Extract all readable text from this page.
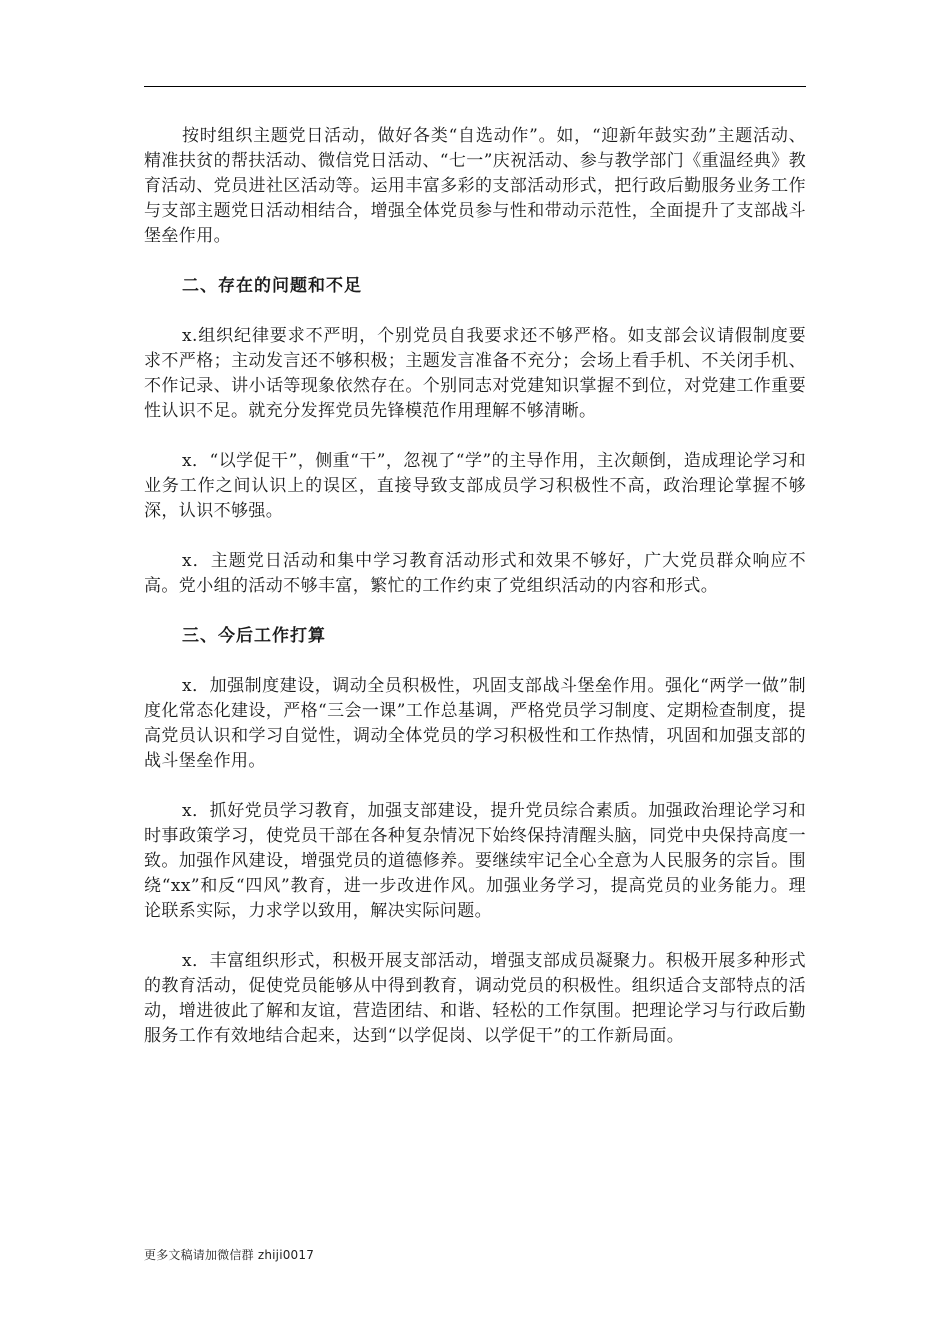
按时组织主题党日活动，做好各类“自选动作”。如，“迎新年鼓实劲”主题活动、精准扶贫的帮扶活动、微信党日活动、“七一”庆祝活动、参与教学部门《重温经典》教育活动、党员进社区活动等。运用丰富多彩的支部活动形式，把行政后勤服务业务工作与支部主题党日活动相结合，增强全体党员参与性和带动示范性，全面提升了支部战斗堡垒作用。

二、存在的问题和不足

x.组织纪律要求不严明，个别党员自我要求还不够严格。如支部会议请假制度要求不严格；主动发言还不够积极；主题发言准备不充分；会场上看手机、不关闭手机、不作记录、讲小话等现象依然存在。个别同志对党建知识掌握不到位，对党建工作重要性认识不足。就充分发挥党员先锋模范作用理解不够清晰。

x．“以学促干”，侧重“干”，忽视了“学”的主导作用，主次颠倒，造成理论学习和业务工作之间认识上的误区，直接导致支部成员学习积极性不高，政治理论掌握不够深，认识不够强。

x．主题党日活动和集中学习教育活动形式和效果不够好，广大党员群众响应不高。党小组的活动不够丰富，繁忙的工作约束了党组织活动的内容和形式。

三、今后工作打算

x．加强制度建设，调动全员积极性，巩固支部战斗堡垒作用。强化“两学一做”制度化常态化建设，严格“三会一课”工作总基调，严格党员学习制度、定期检查制度，提高党员认识和学习自觉性，调动全体党员的学习积极性和工作热情，巩固和加强支部的战斗堡垒作用。

x．抓好党员学习教育，加强支部建设，提升党员综合素质。加强政治理论学习和时事政策学习，使党员干部在各种复杂情况下始终保持清醒头脑，同党中央保持高度一致。加强作风建设，增强党员的道德修养。要继续牢记全心全意为人民服务的宗旨。围绕“xx”和反“四风”教育，进一步改进作风。加强业务学习，提高党员的业务能力。理论联系实际，力求学以致用，解决实际问题。

x．丰富组织形式，积极开展支部活动，增强支部成员凝聚力。积极开展多种形式的教育活动，促使党员能够从中得到教育，调动党员的积极性。组织适合支部特点的活动，增进彼此了解和友谊，营造团结、和谐、轻松的工作氛围。把理论学习与行政后勤服务工作有效地结合起来，达到“以学促岗、以学促干”的工作新局面。

更多文稿请加微信群 zhiji0017
